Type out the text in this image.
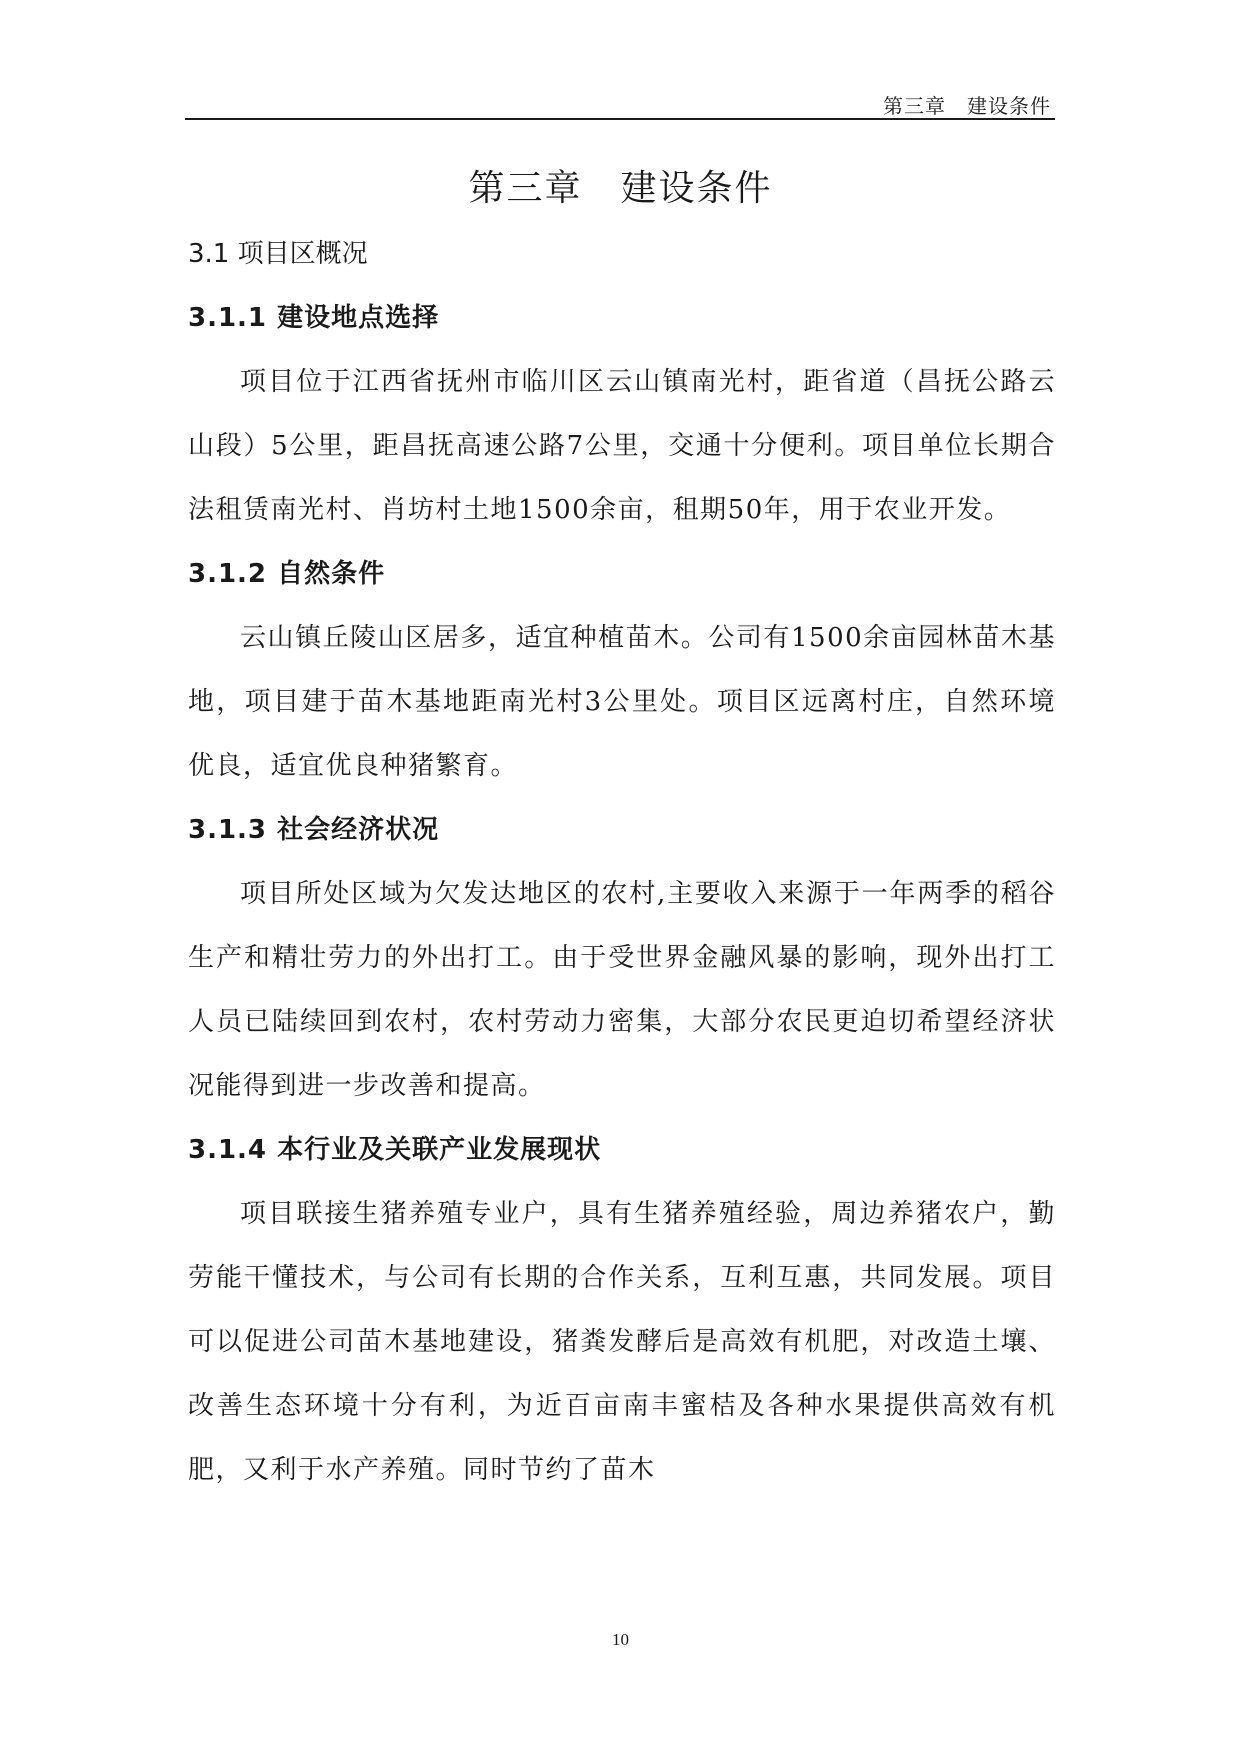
第三章　建设条件
第三章　建设条件
3.1 项目区概况
3.1.1 建设地点选择

项目位于江西省抚州市临川区云山镇南光村，距省道（昌抚公路云山段）5公里，距昌抚高速公路7公里，交通十分便利。项目单位长期合法租赁南光村、肖坊村土地1500余亩，租期50年，用于农业开发。

3.1.2 自然条件

云山镇丘陵山区居多，适宜种植苗木。公司有1500余亩园林苗木基地，项目建于苗木基地距南光村3公里处。项目区远离村庄，自然环境优良，适宜优良种猪繁育。

3.1.3 社会经济状况

项目所处区域为欠发达地区的农村,主要收入来源于一年两季的稻谷生产和精壮劳力的外出打工。由于受世界金融风暴的影响，现外出打工人员已陆续回到农村，农村劳动力密集，大部分农民更迫切希望经济状况能得到进一步改善和提高。

3.1.4 本行业及关联产业发展现状

项目联接生猪养殖专业户，具有生猪养殖经验，周边养猪农户，勤劳能干懂技术，与公司有长期的合作关系，互利互惠，共同发展。项目可以促进公司苗木基地建设，猪粪发酵后是高效有机肥，对改造土壤、改善生态环境十分有利，为近百亩南丰蜜桔及各种水果提供高效有机肥，又利于水产养殖。同时节约了苗木

10
